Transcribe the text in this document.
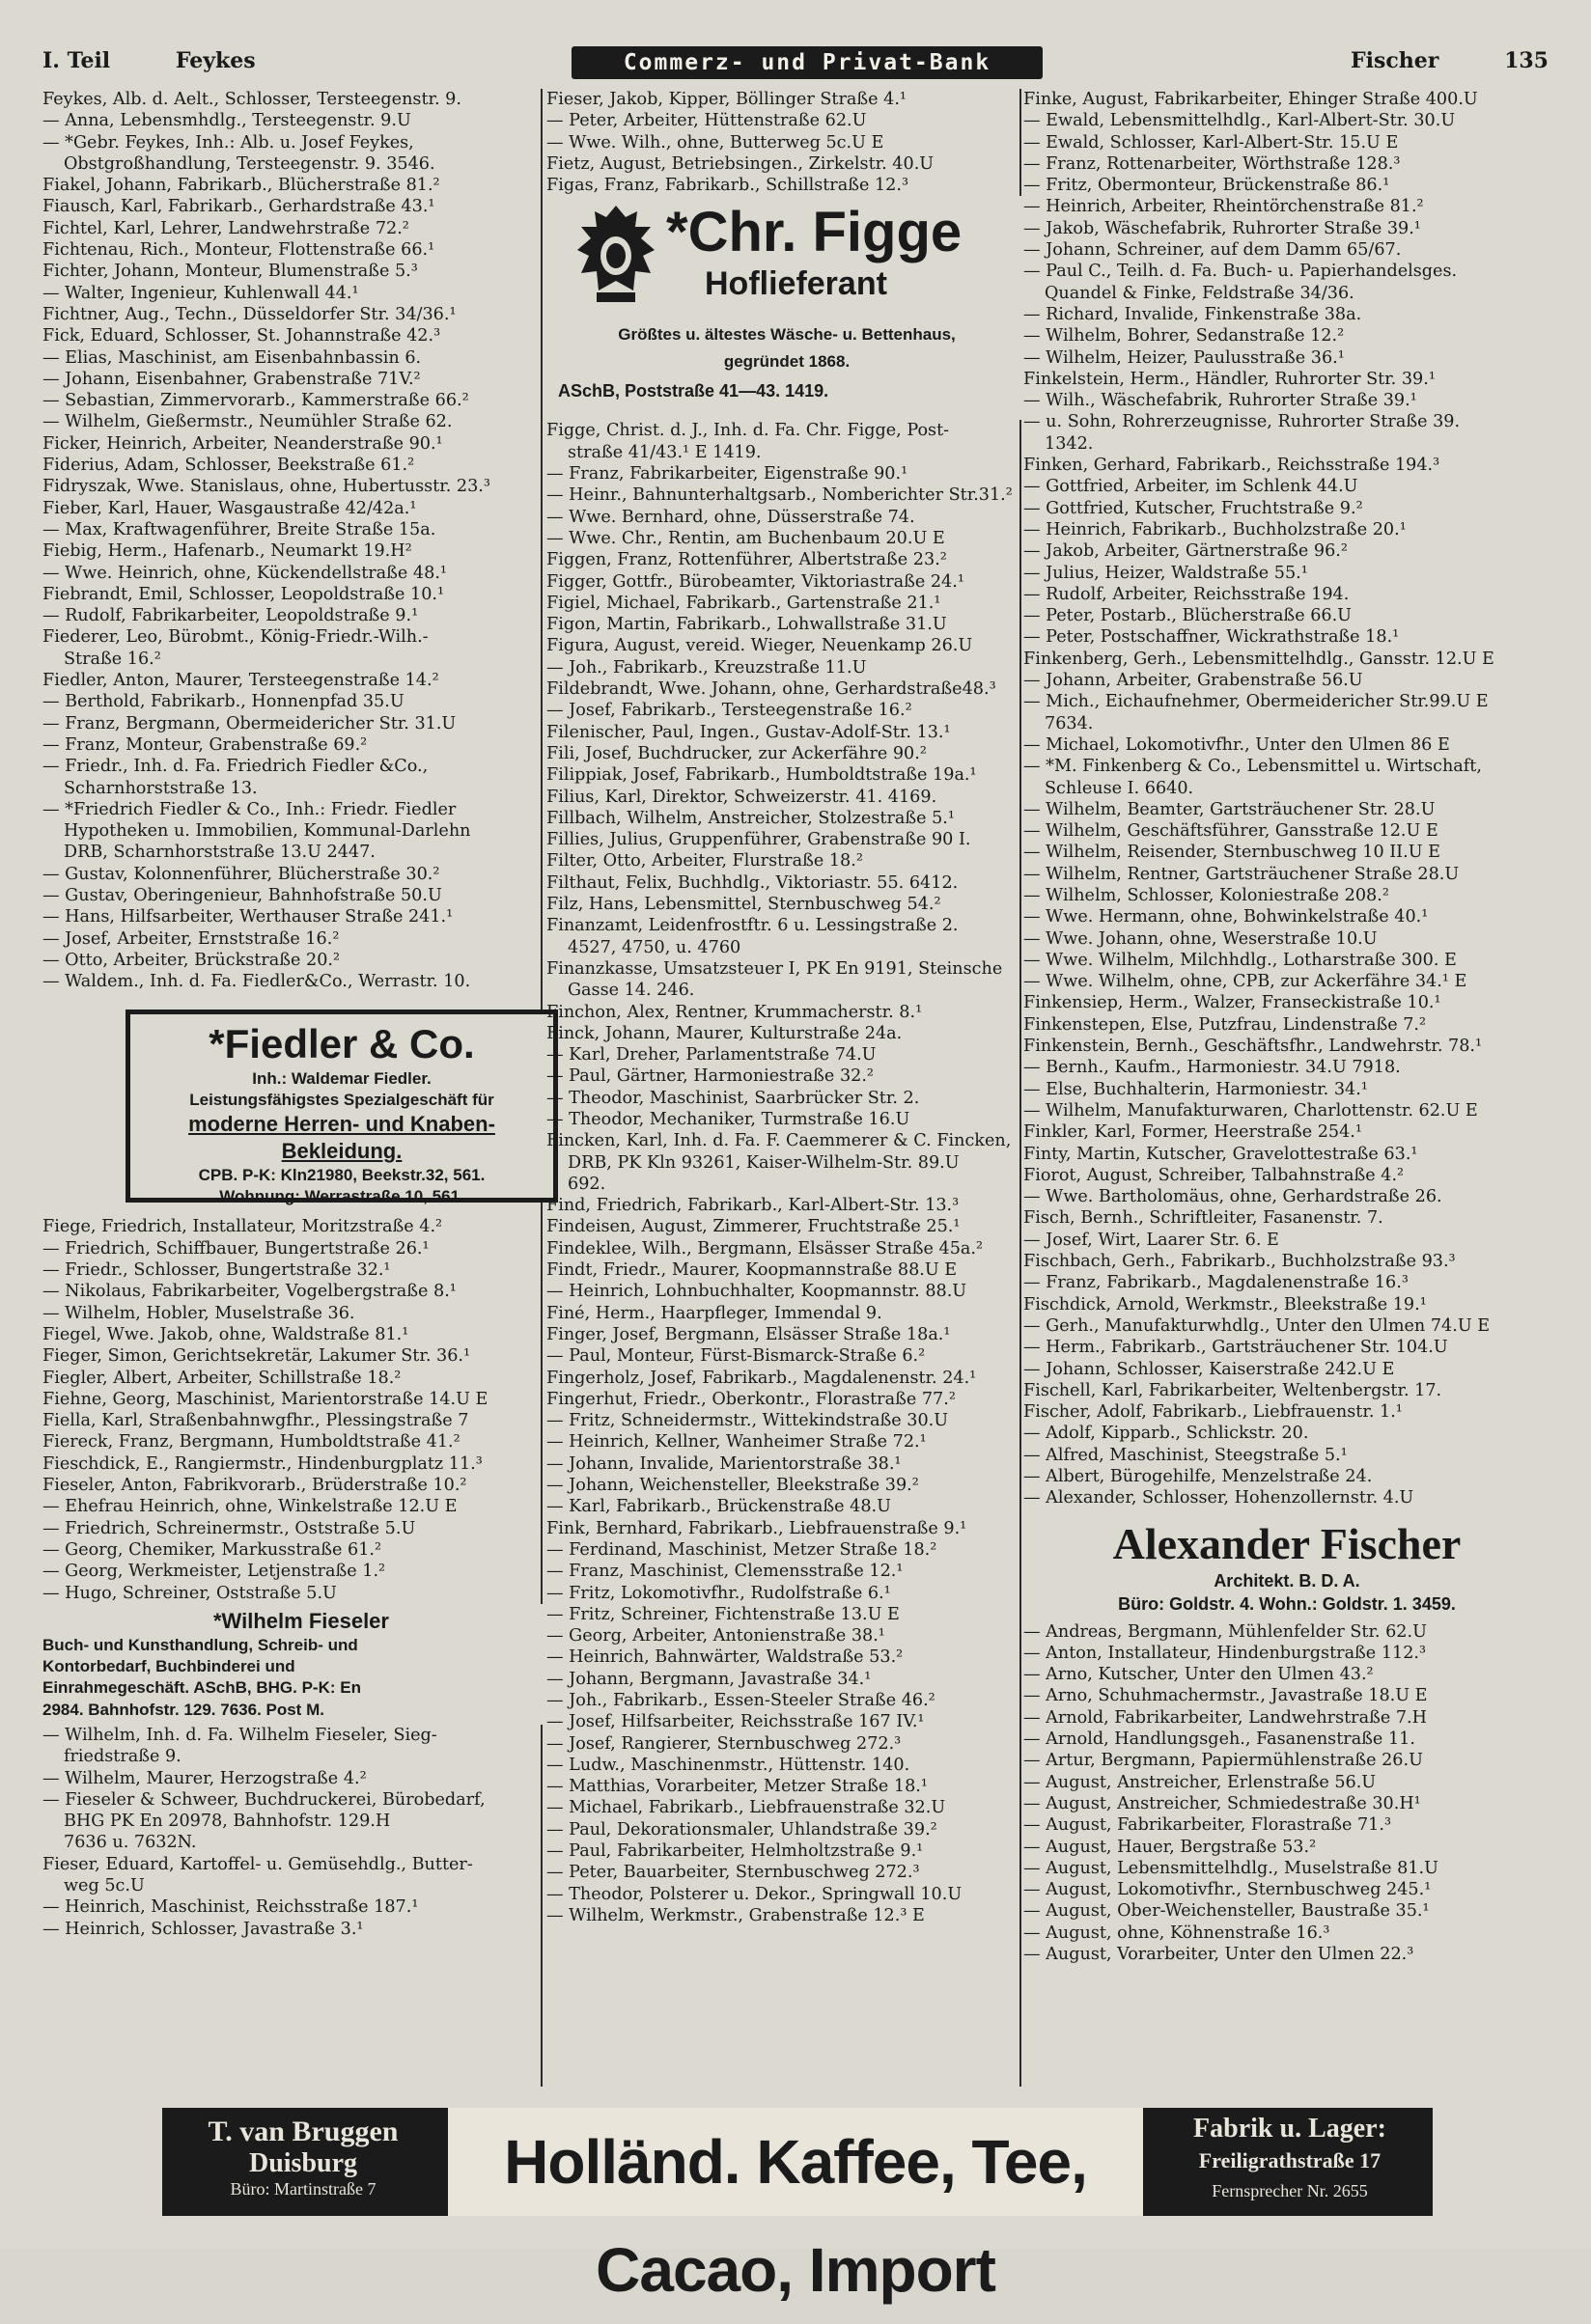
I. Teil	Feykes	Commerz- und Privat-Bank	Fischer	135
Feykes, Alb. d. Aelt., Schlosser, Tersteegenstr. 9.
— Anna, Lebensmhdlg., Tersteegenstr. 9.U
— *Gebr. Feykes, Inh.: Alb. u. Josef Feykes,
Obstgroßhandlung, Tersteegenstr. 9. 3546.
Fiakel, Johann, Fabrikarb., Blücherstraße 81.²
Fiausch, Karl, Fabrikarb., Gerhardstraße 43.¹
Fichtel, Karl, Lehrer, Landwehrstraße 72.²
Fichtenau, Rich., Monteur, Flottenstraße 66.¹
Fichter, Johann, Monteur, Blumenstraße 5.³
— Walter, Ingenieur, Kuhlenwall 44.¹
Fichtner, Aug., Techn., Düsseldorfer Str. 34/36.¹
Fick, Eduard, Schlosser, St. Johannstraße 42.³
— Elias, Maschinist, am Eisenbahnbassin 6.
— Johann, Eisenbahner, Grabenstraße 71V.²
— Sebastian, Zimmervorarb., Kammerstraße 66.²
— Wilhelm, Gießermstr., Neumühler Straße 62.
Ficker, Heinrich, Arbeiter, Neanderstraße 90.¹
Fiderius, Adam, Schlosser, Beekstraße 61.²
Fidryszak, Wwe. Stanislaus, ohne, Hubertusstr. 23.³
Fieber, Karl, Hauer, Wasgaustraße 42/42a.¹
— Max, Kraftwagenführer, Breite Straße 15a.
Fiebig, Herm., Hafenarb., Neumarkt 19.H²
— Wwe. Heinrich, ohne, Kückendellstraße 48.¹
Fiebrandt, Emil, Schlosser, Leopoldstraße 10.¹
— Rudolf, Fabrikarbeiter, Leopoldstraße 9.¹
Fiederer, Leo, Bürobmt., König-Friedr.-Wilh.-
Straße 16.²
Fiedler, Anton, Maurer, Tersteegenstraße 14.²
— Berthold, Fabrikarb., Honnenpfad 35.U
— Franz, Bergmann, Obermeidericher Str. 31.U
— Franz, Monteur, Grabenstraße 69.²
— Friedr., Inh. d. Fa. Friedrich Fiedler &Co.,
Scharnhorststraße 13.
— *Friedrich Fiedler & Co., Inh.: Friedr. Fiedler
Hypotheken u. Immobilien, Kommunal-Darlehn
DRB, Scharnhorststraße 13.U 2447.
— Gustav, Kolonnenführer, Blücherstraße 30.²
— Gustav, Oberingenieur, Bahnhofstraße 50.U
— Hans, Hilfsarbeiter, Werthauser Straße 241.¹
— Josef, Arbeiter, Ernststraße 16.²
— Otto, Arbeiter, Brückstraße 20.²
— Waldem., Inh. d. Fa. Fiedler&Co., Werrastr. 10.
*Fiedler & Co.
Inh.: Waldemar Fiedler.
Leistungsfähigstes Spezialgeschäft für
moderne Herren- und Knaben-Bekleidung.
CPB. P-K: Kln21980, Beekstr.32, 561.
Wohnung: Werrastraße 10, 561.
Fiege, Friedrich, Installateur, Moritzstraße 4.²
— Friedrich, Schiffbauer, Bungertstraße 26.¹
— Friedr., Schlosser, Bungertstraße 32.¹
— Nikolaus, Fabrikarbeiter, Vogelbergstraße 8.¹
— Wilhelm, Hobler, Muselstraße 36.
Fiegel, Wwe. Jakob, ohne, Waldstraße 81.¹
Fieger, Simon, Gerichtsekretär, Lakumer Str. 36.¹
Fiegler, Albert, Arbeiter, Schillstraße 18.²
Fiehne, Georg, Maschinist, Marientorstraße 14.U E
Fiella, Karl, Straßenbahnwgfhr., Plessingstraße 7
Fiereck, Franz, Bergmann, Humboldtstraße 41.²
Fieschdick, E., Rangiermstr., Hindenburgplatz 11.³
Fieseler, Anton, Fabrikvorarb., Brüderstraße 10.²
— Ehefrau Heinrich, ohne, Winkelstraße 12.U E
— Friedrich, Schreinermstr., Oststraße 5.U
— Georg, Chemiker, Markusstraße 61.²
— Georg, Werkmeister, Letjenstraße 1.²
— Hugo, Schreiner, Oststraße 5.U
*Wilhelm Fieseler
Buch- und Kunsthandlung, Schreib- und
Kontorbedarf, Buchbinderei und
Einrahmegeschäft. ASchB, BHG. P-K: En
2984. Bahnhofstr. 129. 7636. Post M.
— Wilhelm, Inh. d. Fa. Wilhelm Fieseler, Sieg-
friedstraße 9.
— Wilhelm, Maurer, Herzogstraße 4.²
— Fieseler & Schweer, Buchdruckerei, Bürobedarf,
BHG PK En 20978, Bahnhofstr. 129.H
7636 u. 7632N.
Fieser, Eduard, Kartoffel- u. Gemüsehdlg., Butter-
weg 5c.U
— Heinrich, Maschinist, Reichsstraße 187.¹
— Heinrich, Schlosser, Javastraße 3.¹
Fieser, Jakob, Kipper, Böllinger Straße 4.¹
— Peter, Arbeiter, Hüttenstraße 62.U
— Wwe. Wilh., ohne, Butterweg 5c.U E
Fietz, August, Betriebsingen., Zirkelstr. 40.U
Figas, Franz, Fabrikarb., Schillstraße 12.³
*Chr. Figge
Hoflieferant
Größtes u. ältestes Wäsche- u. Bettenhaus,
gegründet 1868.
ASchB, Poststraße 41—43. 1419.
Figge, Christ. d. J., Inh. d. Fa. Chr. Figge, Post-
straße 41/43.¹ E 1419.
— Franz, Fabrikarbeiter, Eigenstraße 90.¹
— Heinr., Bahnunterhaltgsarb., Nomberichter Str.31.²
— Wwe. Bernhard, ohne, Düsserstraße 74.
— Wwe. Chr., Rentin, am Buchenbaum 20.U E
Figgen, Franz, Rottenführer, Albertstraße 23.²
Figger, Gottfr., Bürobeamter, Viktoriastraße 24.¹
Figiel, Michael, Fabrikarb., Gartenstraße 21.¹
Figon, Martin, Fabrikarb., Lohwallstraße 31.U
Figura, August, vereid. Wieger, Neuenkamp 26.U
— Joh., Fabrikarb., Kreuzstraße 11.U
Fildebrandt, Wwe. Johann, ohne, Gerhardstraße48.³
— Josef, Fabrikarb., Tersteegenstraße 16.²
Filenischer, Paul, Ingen., Gustav-Adolf-Str. 13.¹
Fili, Josef, Buchdrucker, zur Ackerfähre 90.²
Filippiak, Josef, Fabrikarb., Humboldtstraße 19a.¹
Filius, Karl, Direktor, Schweizerstr. 41. 4169.
Fillbach, Wilhelm, Anstreicher, Stolzestraße 5.¹
Fillies, Julius, Gruppenführer, Grabenstraße 90 I.
Filter, Otto, Arbeiter, Flurstraße 18.²
Filthaut, Felix, Buchhdlg., Viktoriastr. 55. 6412.
Filz, Hans, Lebensmittel, Sternbuschweg 54.²
Finanzamt, Leidenfrostftr. 6 u. Lessingstraße 2.
4527, 4750, u. 4760
Finanzkasse, Umsatzsteuer I, PK En 9191, Steinsche
Gasse 14. 246.
Finchon, Alex, Rentner, Krummacherstr. 8.¹
Finck, Johann, Maurer, Kulturstraße 24a.
— Karl, Dreher, Parlamentstraße 74.U
— Paul, Gärtner, Harmoniestraße 32.²
— Theodor, Maschinist, Saarbrücker Str. 2.
— Theodor, Mechaniker, Turmstraße 16.U
Fincken, Karl, Inh. d. Fa. F. Caemmerer & C. Fincken,
DRB, PK Kln 93261, Kaiser-Wilhelm-Str. 89.U
692.
Find, Friedrich, Fabrikarb., Karl-Albert-Str. 13.³
Findeisen, August, Zimmerer, Fruchtstraße 25.¹
Findeklee, Wilh., Bergmann, Elsässer Straße 45a.²
Findt, Friedr., Maurer, Koopmannstraße 88.U E
— Heinrich, Lohnbuchhalter, Koopmannstr. 88.U
Finé, Herm., Haarpfleger, Immendal 9.
Finger, Josef, Bergmann, Elsässer Straße 18a.¹
— Paul, Monteur, Fürst-Bismarck-Straße 6.²
Fingerholz, Josef, Fabrikarb., Magdalenenstr. 24.¹
Fingerhut, Friedr., Oberkontr., Florastraße 77.²
— Fritz, Schneidermstr., Wittekindstraße 30.U
— Heinrich, Kellner, Wanheimer Straße 72.¹
— Johann, Invalide, Marientorstraße 38.¹
— Johann, Weichensteller, Bleekstraße 39.²
— Karl, Fabrikarb., Brückenstraße 48.U
Fink, Bernhard, Fabrikarb., Liebfrauenstraße 9.¹
— Ferdinand, Maschinist, Metzer Straße 18.²
— Franz, Maschinist, Clemensstraße 12.¹
— Fritz, Lokomotivfhr., Rudolfstraße 6.¹
— Fritz, Schreiner, Fichtenstraße 13.U E
— Georg, Arbeiter, Antonienstraße 38.¹
— Heinrich, Bahnwärter, Waldstraße 53.²
— Johann, Bergmann, Javastraße 34.¹
— Joh., Fabrikarb., Essen-Steeler Straße 46.²
— Josef, Hilfsarbeiter, Reichsstraße 167 IV.¹
— Josef, Rangierer, Sternbuschweg 272.³
— Ludw., Maschinenmstr., Hüttenstr. 140.
— Matthias, Vorarbeiter, Metzer Straße 18.¹
— Michael, Fabrikarb., Liebfrauenstraße 32.U
— Paul, Dekorationsmaler, Uhlandstraße 39.²
— Paul, Fabrikarbeiter, Helmholtzstraße 9.¹
— Peter, Bauarbeiter, Sternbuschweg 272.³
— Theodor, Polsterer u. Dekor., Springwall 10.U
— Wilhelm, Werkmstr., Grabenstraße 12.³ E
Finke, August, Fabrikarbeiter, Ehinger Straße 400.U
— Ewald, Lebensmittelhdlg., Karl-Albert-Str. 30.U
— Ewald, Schlosser, Karl-Albert-Str. 15.U E
— Franz, Rottenarbeiter, Wörthstraße 128.³
— Fritz, Obermonteur, Brückenstraße 86.¹
— Heinrich, Arbeiter, Rheintörchenstraße 81.²
— Jakob, Wäschefabrik, Ruhrorter Straße 39.¹
— Johann, Schreiner, auf dem Damm 65/67.
— Paul C., Teilh. d. Fa. Buch- u. Papierhandelsges.
Quandel & Finke, Feldstraße 34/36.
— Richard, Invalide, Finkenstraße 38a.
— Wilhelm, Bohrer, Sedanstraße 12.²
— Wilhelm, Heizer, Paulusstraße 36.¹
Finkelstein, Herm., Händler, Ruhrorter Str. 39.¹
— Wilh., Wäschefabrik, Ruhrorter Straße 39.¹
— u. Sohn, Rohrerzeugnisse, Ruhrorter Straße 39.
1342.
Finken, Gerhard, Fabrikarb., Reichsstraße 194.³
— Gottfried, Arbeiter, im Schlenk 44.U
— Gottfried, Kutscher, Fruchtstraße 9.²
— Heinrich, Fabrikarb., Buchholzstraße 20.¹
— Jakob, Arbeiter, Gärtnerstraße 96.²
— Julius, Heizer, Waldstraße 55.¹
— Rudolf, Arbeiter, Reichsstraße 194.
— Peter, Postarb., Blücherstraße 66.U
— Peter, Postschaffner, Wickrathstraße 18.¹
Finkenberg, Gerh., Lebensmittelhdlg., Gansstr. 12.U E
— Johann, Arbeiter, Grabenstraße 56.U
— Mich., Eichaufnehmer, Obermeidericher Str.99.U E
7634.
— Michael, Lokomotivfhr., Unter den Ulmen 86 E
— *M. Finkenberg & Co., Lebensmittel u. Wirtschaft,
Schleuse I. 6640.
— Wilhelm, Beamter, Gartsträuchener Str. 28.U
— Wilhelm, Geschäftsführer, Gansstraße 12.U E
— Wilhelm, Reisender, Sternbuschweg 10 II.U E
— Wilhelm, Rentner, Gartsträuchener Straße 28.U
— Wilhelm, Schlosser, Koloniestraße 208.²
— Wwe. Hermann, ohne, Bohwinkelstraße 40.¹
— Wwe. Johann, ohne, Weserstraße 10.U
— Wwe. Wilhelm, Milchhdlg., Lotharstraße 300. E
— Wwe. Wilhelm, ohne, CPB, zur Ackerfähre 34.¹ E
Finkensiep, Herm., Walzer, Franseckistraße 10.¹
Finkenstepen, Else, Putzfrau, Lindenstraße 7.²
Finkenstein, Bernh., Geschäftsfhr., Landwehrstr. 78.¹
— Bernh., Kaufm., Harmoniestr. 34.U 7918.
— Else, Buchhalterin, Harmoniestr. 34.¹
— Wilhelm, Manufakturwaren, Charlottenstr. 62.U E
Finkler, Karl, Former, Heerstraße 254.¹
Finty, Martin, Kutscher, Gravelottestraße 63.¹
Fiorot, August, Schreiber, Talbahnstraße 4.²
— Wwe. Bartholomäus, ohne, Gerhardstraße 26.
Fisch, Bernh., Schriftleiter, Fasanenstr. 7.
— Josef, Wirt, Laarer Str. 6. E
Fischbach, Gerh., Fabrikarb., Buchholzstraße 93.³
— Franz, Fabrikarb., Magdalenenstraße 16.³
Fischdick, Arnold, Werkmstr., Bleekstraße 19.¹
— Gerh., Manufakturwhdlg., Unter den Ulmen 74.U E
— Herm., Fabrikarb., Gartsträuchener Str. 104.U
— Johann, Schlosser, Kaiserstraße 242.U E
Fischell, Karl, Fabrikarbeiter, Weltenbergstr. 17.
Fischer, Adolf, Fabrikarb., Liebfrauenstr. 1.¹
— Adolf, Kipparb., Schlickstr. 20.
— Alfred, Maschinist, Steegstraße 5.¹
— Albert, Bürogehilfe, Menzelstraße 24.
— Alexander, Schlosser, Hohenzollernstr. 4.U
Alexander Fischer
Architekt. B. D. A.
Büro: Goldstr. 4. Wohn.: Goldstr. 1. 3459.
— Andreas, Bergmann, Mühlenfelder Str. 62.U
— Anton, Installateur, Hindenburgstraße 112.³
— Arno, Kutscher, Unter den Ulmen 43.²
— Arno, Schuhmachermstr., Javastraße 18.U E
— Arnold, Fabrikarbeiter, Landwehrstraße 7.H
— Arnold, Handlungsgeh., Fasanenstraße 11.
— Artur, Bergmann, Papiermühlenstraße 26.U
— August, Anstreicher, Erlenstraße 56.U
— August, Anstreicher, Schmiedestraße 30.H¹
— August, Fabrikarbeiter, Florastraße 71.³
— August, Hauer, Bergstraße 53.²
— August, Lebensmittelhdlg., Muselstraße 81.U
— August, Lokomotivfhr., Sternbuschweg 245.¹
— August, Ober-Weichensteller, Baustraße 35.¹
— August, ohne, Köhnenstraße 16.³
— August, Vorarbeiter, Unter den Ulmen 22.³
T. van Bruggen
Duisburg
Büro: Martinstraße 7	Holländ. Kaffee, Tee, Cacao, Import
Fabrik u. Lager:
Freiligrathstraße 17
Fernsprecher Nr. 2655
